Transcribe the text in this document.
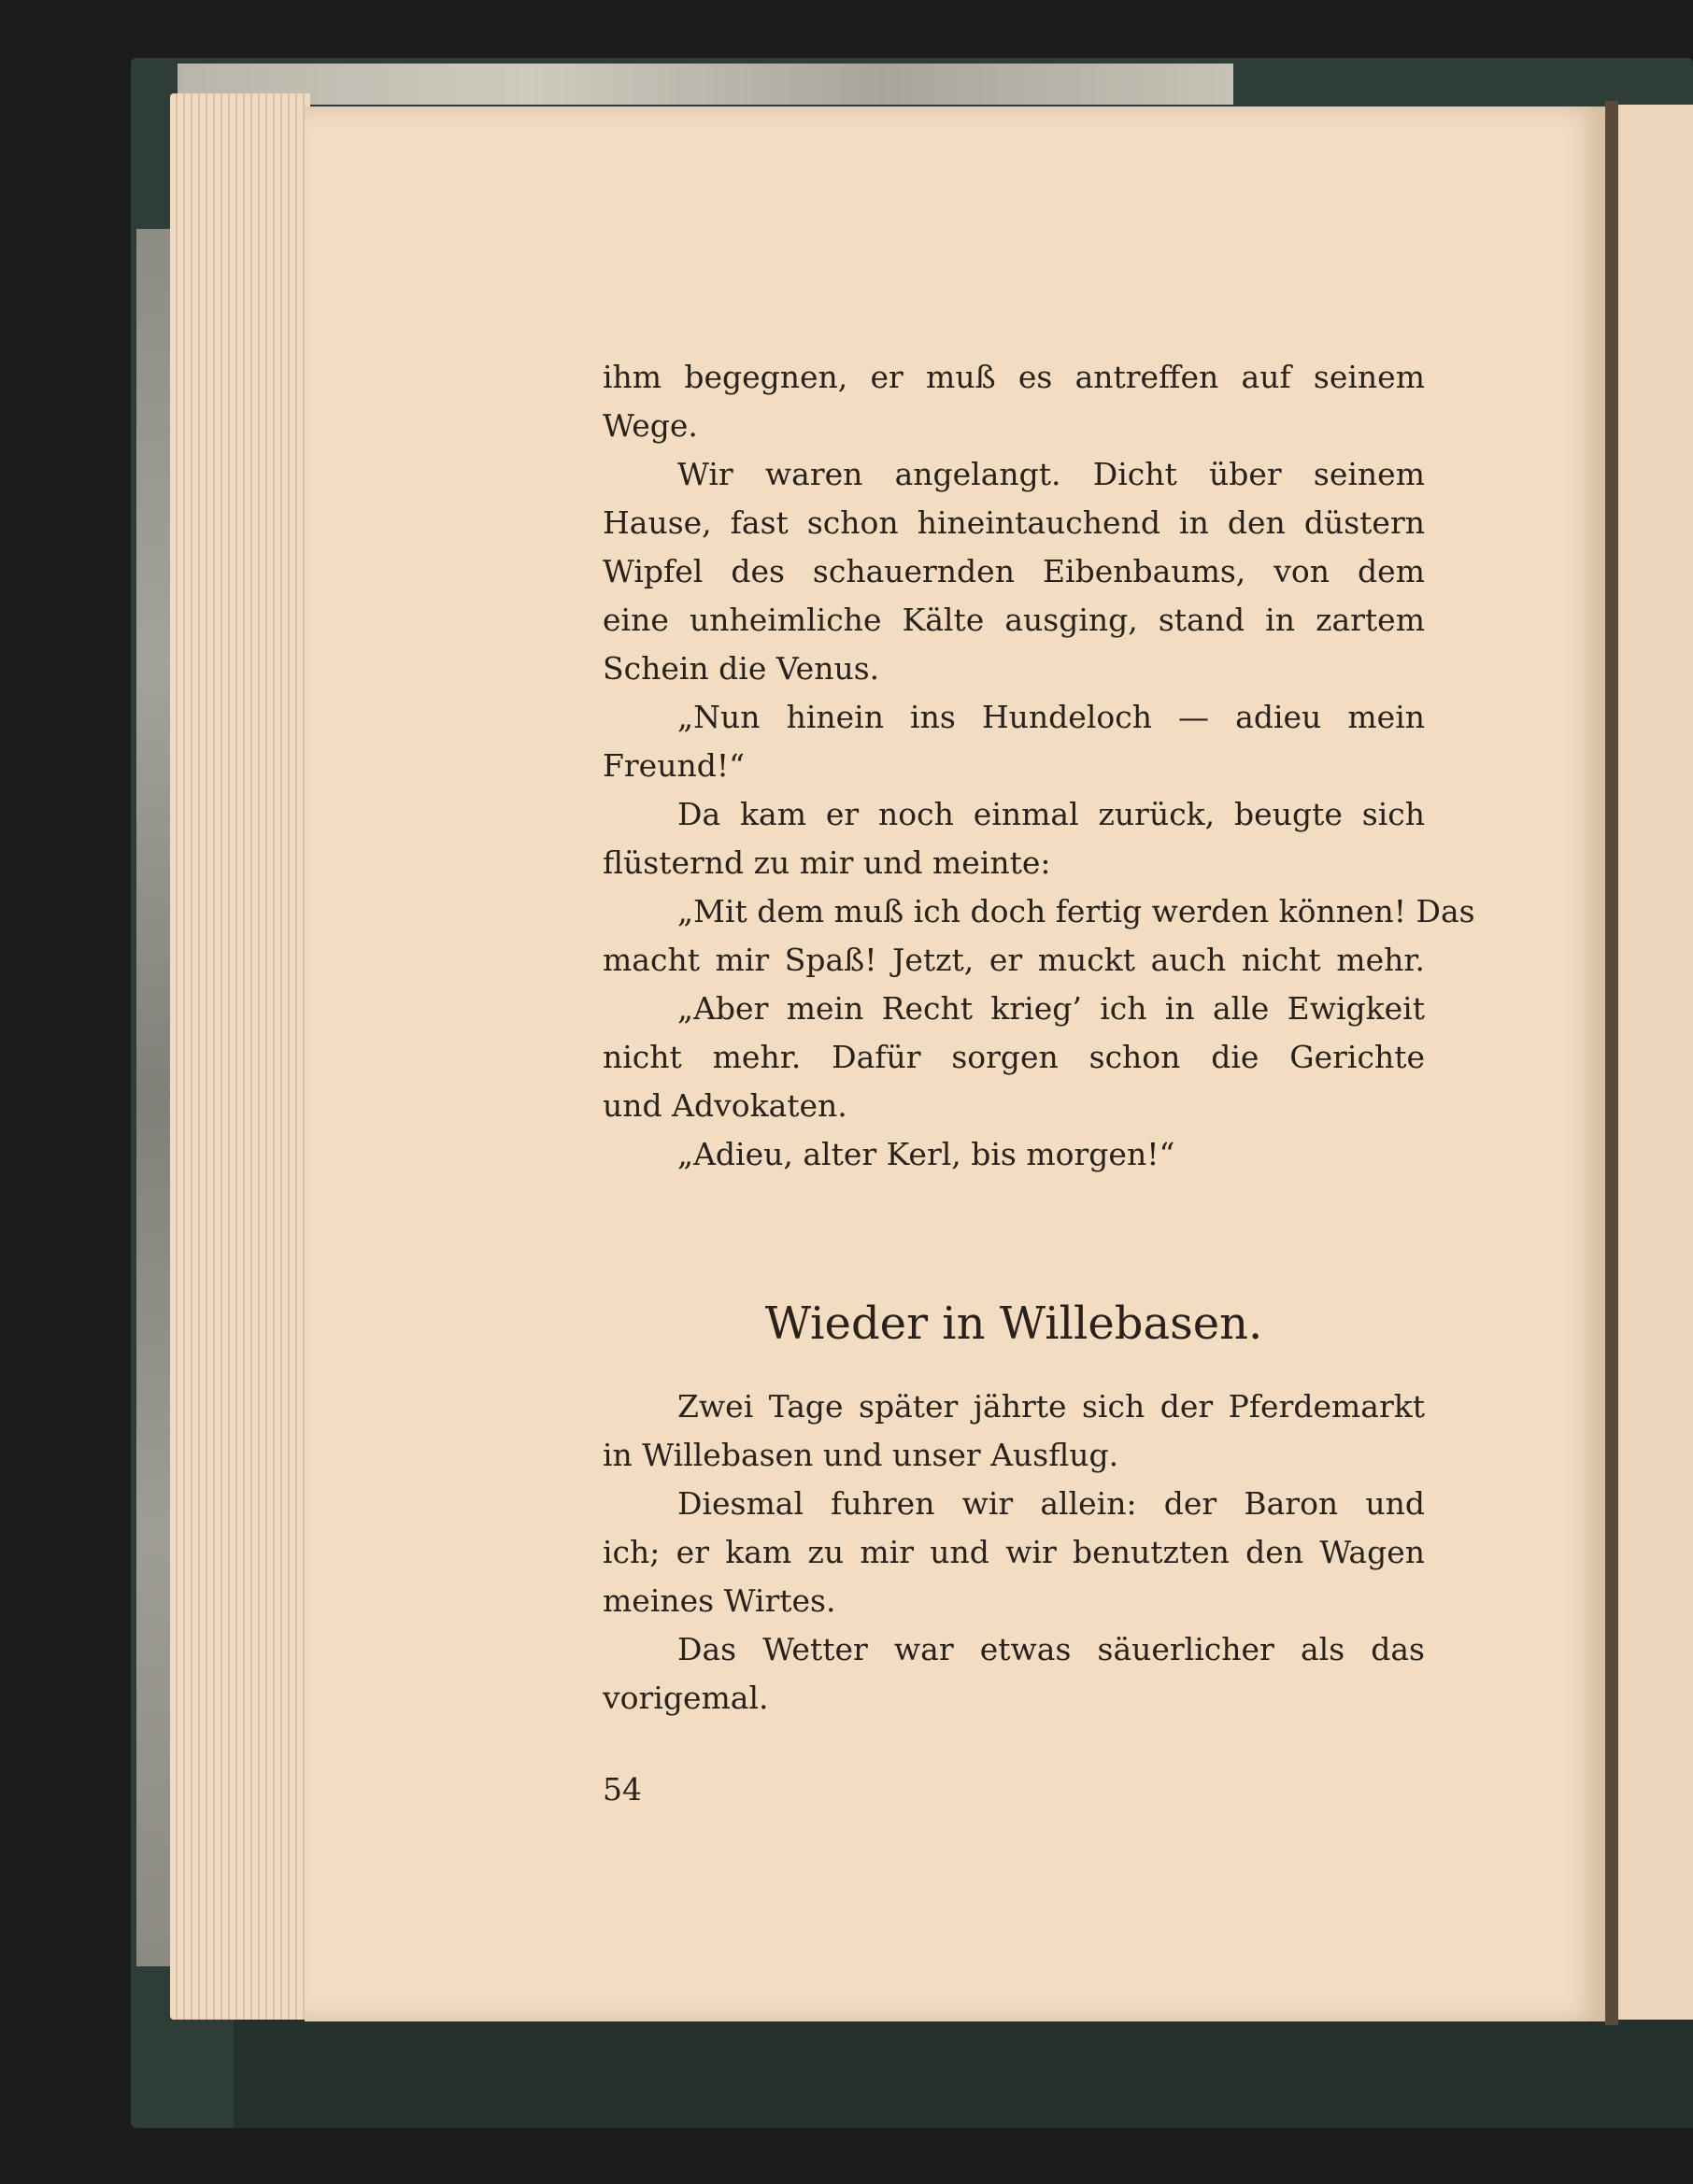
ihm begegnen, er muß es antreffen auf seinem
Wege.
Wir waren angelangt. Dicht über seinem
Hause, fast schon hineintauchend in den düstern
Wipfel des schauernden Eibenbaums, von dem
eine unheimliche Kälte ausging, stand in zartem
Schein die Venus.
„Nun hinein ins Hundeloch — adieu mein
Freund!“
Da kam er noch einmal zurück, beugte sich
flüsternd zu mir und meinte:
„Mit dem muß ich doch fertig werden können! Das
macht mir Spaß! Jetzt, er muckt auch nicht mehr.
„Aber mein Recht krieg’ ich in alle Ewigkeit
nicht mehr. Dafür sorgen schon die Gerichte
und Advokaten.
„Adieu, alter Kerl, bis morgen!“
Wieder in Willebasen.
Zwei Tage später jährte sich der Pferdemarkt
in Willebasen und unser Ausflug.
Diesmal fuhren wir allein: der Baron und
ich; er kam zu mir und wir benutzten den Wagen
meines Wirtes.
Das Wetter war etwas säuerlicher als das
vorigemal.
54
